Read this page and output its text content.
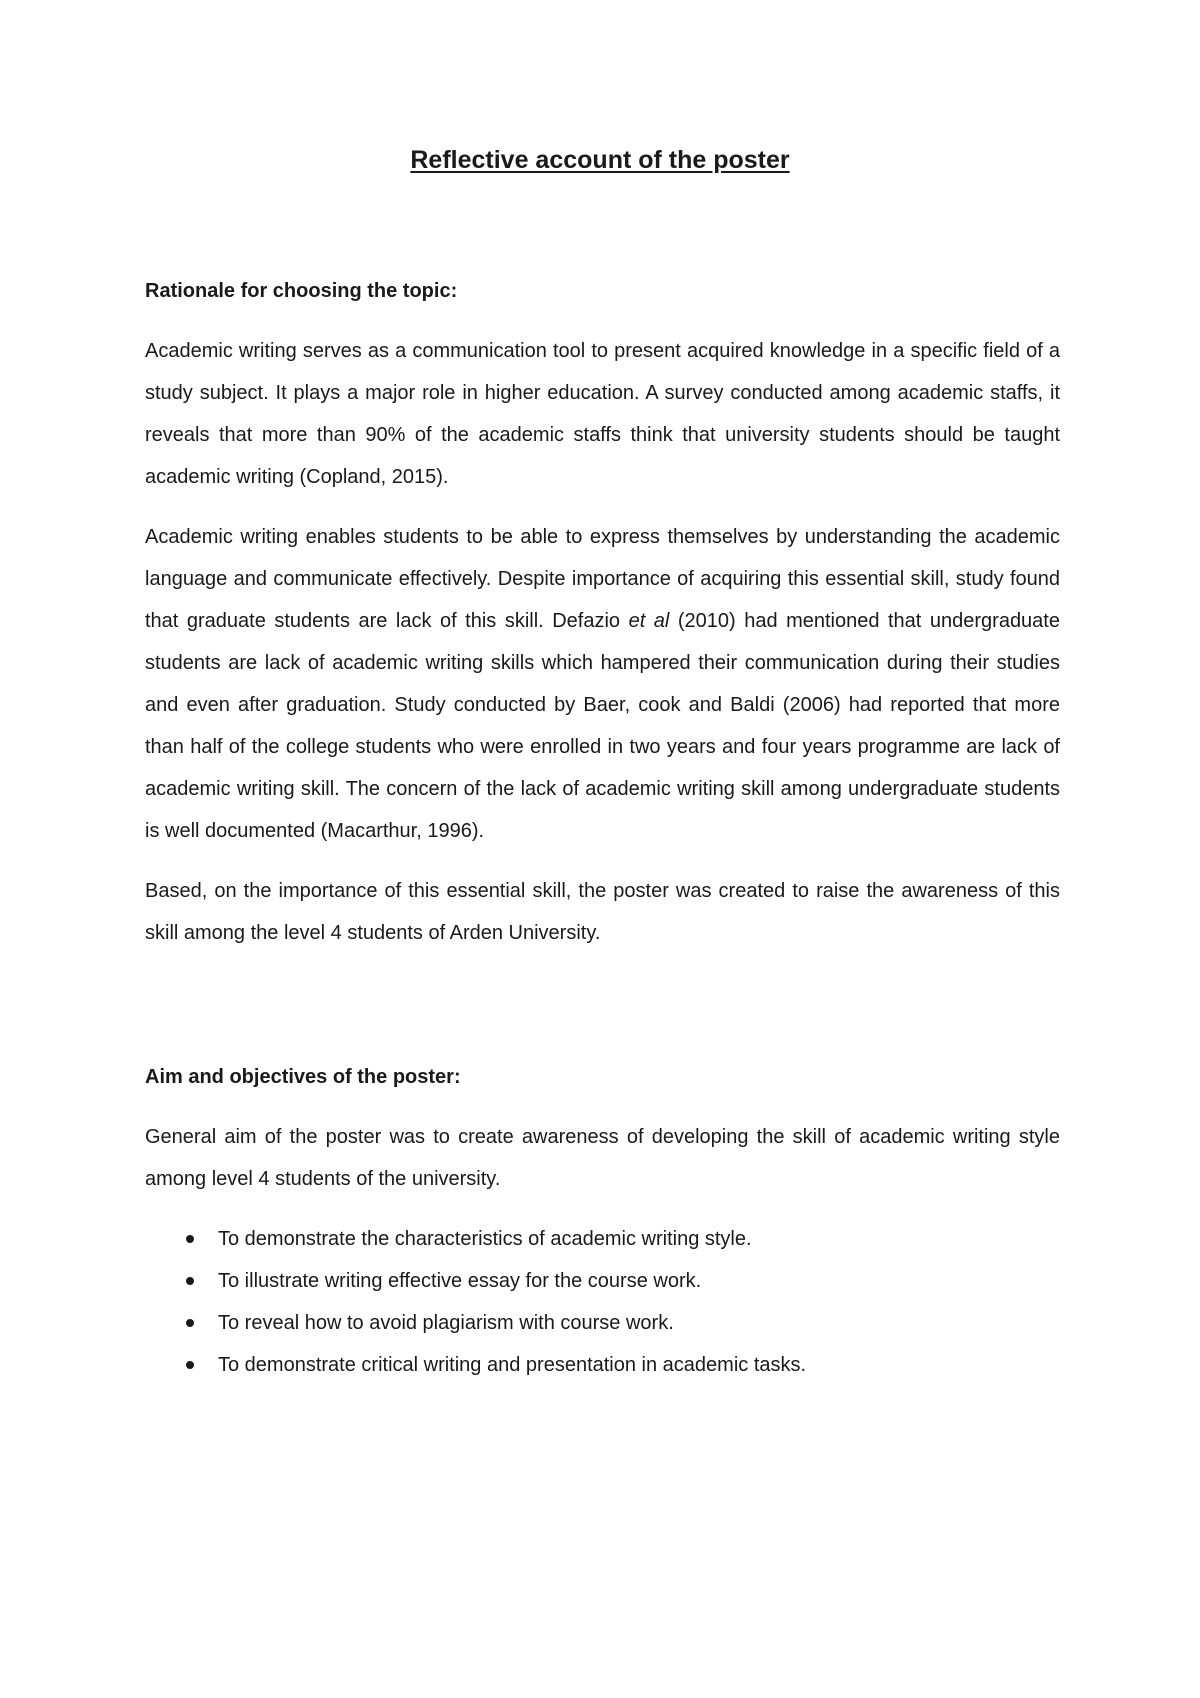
Reflective account of the poster

Rationale for choosing the topic:

Academic writing serves as a communication tool to present acquired knowledge in a specific field of a study subject. It plays a major role in higher education. A survey conducted among academic staffs, it reveals that more than 90% of the academic staffs think that university students should be taught academic writing (Copland, 2015).

Academic writing enables students to be able to express themselves by understanding the academic language and communicate effectively. Despite importance of acquiring this essential skill, study found that graduate students are lack of this skill. Defazio et al (2010) had mentioned that undergraduate students are lack of academic writing skills which hampered their communication during their studies and even after graduation. Study conducted by Baer, cook and Baldi (2006) had reported that more than half of the college students who were enrolled in two years and four years programme are lack of academic writing skill. The concern of the lack of academic writing skill among undergraduate students is well documented (Macarthur, 1996).

Based, on the importance of this essential skill, the poster was created to raise the awareness of this skill among the level 4 students of Arden University.

Aim and objectives of the poster:

General aim of the poster was to create awareness of developing the skill of academic writing style among level 4 students of the university.

To demonstrate the characteristics of academic writing style.
To illustrate writing effective essay for the course work.
To reveal how to avoid plagiarism with course work.
To demonstrate critical writing and presentation in academic tasks.
